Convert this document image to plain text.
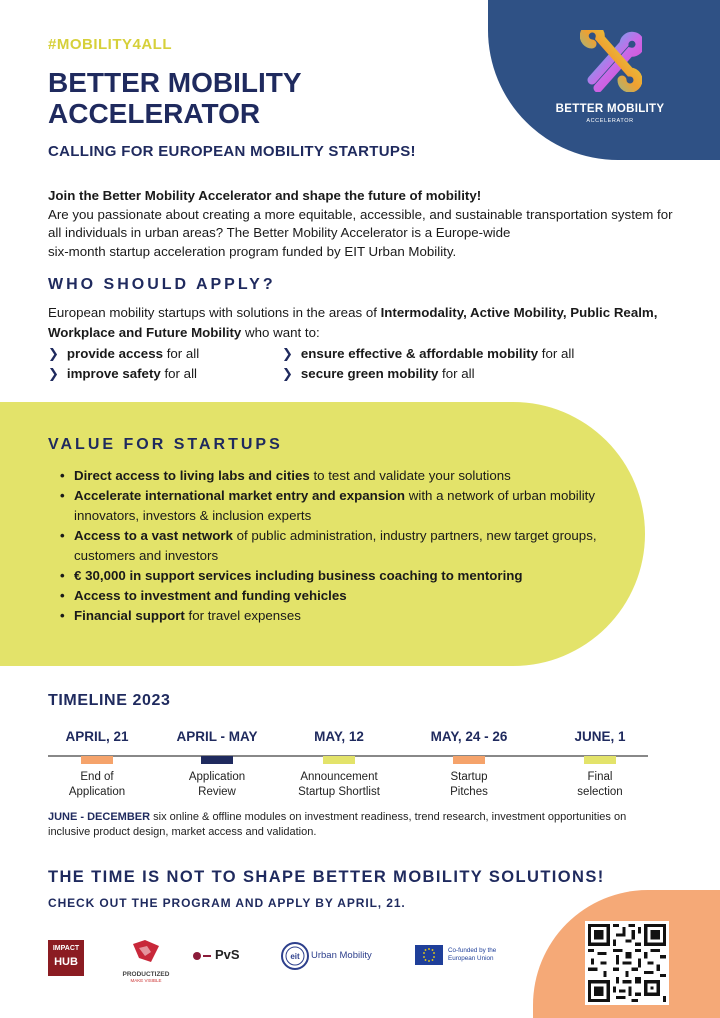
BETTER MOBILITY
ACCELERATOR
#MOBILITY4ALL
BETTER MOBILITY
ACCELERATOR
CALLING FOR EUROPEAN MOBILITY STARTUPS!
Join the Better Mobility Accelerator and shape the future of mobility!
Are you passionate about creating a more equitable, accessible, and sustainable transportation system for all individuals in urban areas? The Better Mobility Accelerator is a Europe-wide
six-month startup acceleration program funded by EIT Urban Mobility.
WHO SHOULD APPLY?
European mobility startups with solutions in the areas of Intermodality, Active Mobility, Public Realm, Workplace and Future Mobility who want to:
❯ provide access for all
❯ improve safety for all
❯ ensure effective & affordable mobility for all
❯ secure green mobility for all
VALUE FOR STARTUPS
• Direct access to living labs and cities to test and validate your solutions
• Accelerate international market entry and expansion with a network of urban mobility innovators, investors & inclusion experts
• Access to a vast network of public administration, industry partners, new target groups, customers and investors
• € 30,000 in support services including business coaching to mentoring
• Access to investment and funding vehicles
• Financial support for travel expenses
TIMELINE 2023
APRIL, 21
End of
Application
APRIL - MAY
Application
Review
MAY, 12
Announcement
Startup Shortlist
MAY, 24 - 26
Startup
Pitches
JUNE, 1
Final
selection
JUNE - DECEMBER six online & offline modules on investment readiness, trend research, investment opportunities on inclusive product design, market access and validation.
THE TIME IS NOT TO SHAPE BETTER MOBILITY SOLUTIONS!
CHECK OUT THE PROGRAM AND APPLY BY APRIL, 21.
IMPACT
HUB
PRODUCTIZED
MAKE VISIBLE
PvS	eit Urban Mobility	Co-funded by the European Union
